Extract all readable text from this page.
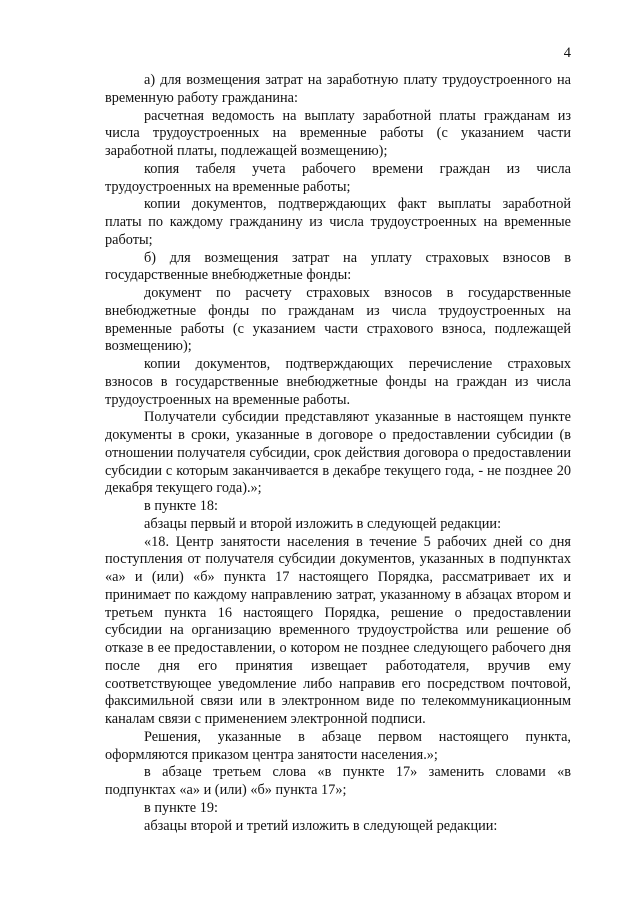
4

а) для возмещения затрат на заработную плату трудоустроенного на временную работу гражданина:

расчетная ведомость на выплату заработной платы гражданам из числа трудоустроенных на временные работы (с указанием части заработной платы, подлежащей возмещению);

копия табеля учета рабочего времени граждан из числа трудоустроенных на временные работы;

копии документов, подтверждающих факт выплаты заработной платы по каждому гражданину из числа трудоустроенных на временные работы;

б) для возмещения затрат на уплату страховых взносов в государственные внебюджетные фонды:

документ по расчету страховых взносов в государственные внебюджетные фонды по гражданам из числа трудоустроенных на временные работы (с указанием части страхового взноса, подлежащей возмещению);

копии документов, подтверждающих перечисление страховых взносов в государственные внебюджетные фонды на граждан из числа трудоустроенных на временные работы.

Получатели субсидии представляют указанные в настоящем пункте документы в сроки, указанные в договоре о предоставлении субсидии (в отношении получателя субсидии, срок действия договора о предоставлении субсидии с которым заканчивается в декабре текущего года, - не позднее 20 декабря текущего года).»;

в пункте 18:

абзацы первый и второй изложить в следующей редакции:

«18. Центр занятости населения в течение 5 рабочих дней со дня поступления от получателя субсидии документов, указанных в подпунктах «а» и (или) «б» пункта 17 настоящего Порядка, рассматривает их и принимает по каждому направлению затрат, указанному в абзацах втором и третьем пункта 16 настоящего Порядка, решение о предоставлении субсидии на организацию временного трудоустройства или решение об отказе в ее предоставлении, о котором не позднее следующего рабочего дня после дня его принятия извещает работодателя, вручив ему соответствующее уведомление либо направив его посредством почтовой, факсимильной связи или в электронном виде по телекоммуникационным каналам связи с применением электронной подписи.

Решения, указанные в абзаце первом настоящего пункта, оформляются приказом центра занятости населения.»;

в абзаце третьем слова «в пункте 17» заменить словами «в подпунктах «а» и (или) «б» пункта 17»;

в пункте 19:

абзацы второй и третий изложить в следующей редакции:
